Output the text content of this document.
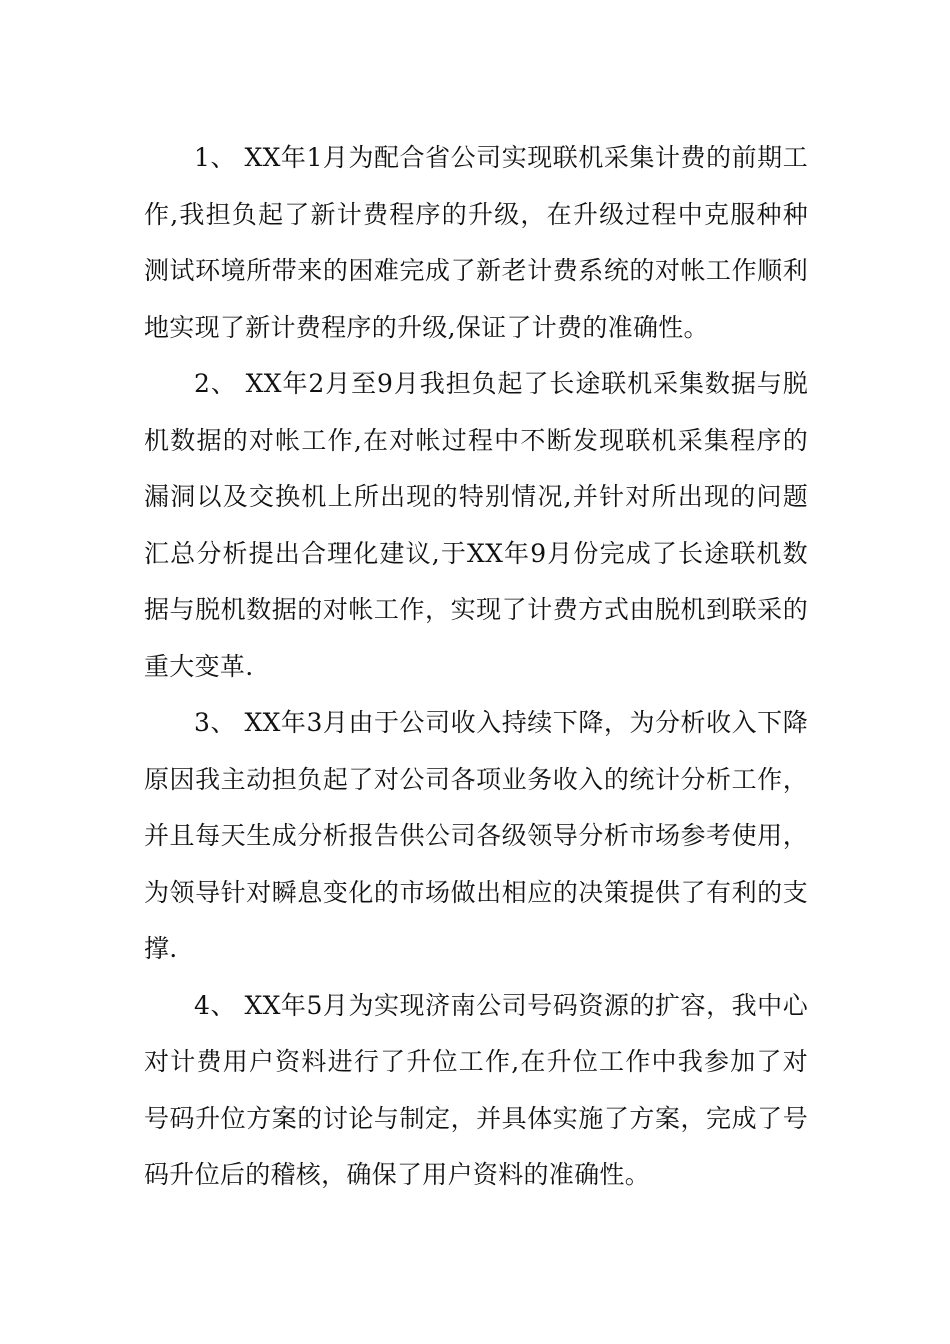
1、 XX年1月为配合省公司实现联机采集计费的前期工作,我担负起了新计费程序的升级，在升级过程中克服种种测试环境所带来的困难完成了新老计费系统的对帐工作顺利地实现了新计费程序的升级,保证了计费的准确性。

2、 XX年2月至9月我担负起了长途联机采集数据与脱机数据的对帐工作,在对帐过程中不断发现联机采集程序的漏洞以及交换机上所出现的特别情况,并针对所出现的问题汇总分析提出合理化建议,于XX年9月份完成了长途联机数据与脱机数据的对帐工作，实现了计费方式由脱机到联采的重大变革.

3、 XX年3月由于公司收入持续下降，为分析收入下降原因我主动担负起了对公司各项业务收入的统计分析工作，并且每天生成分析报告供公司各级领导分析市场参考使用，为领导针对瞬息变化的市场做出相应的决策提供了有利的支撑.

4、 XX年5月为实现济南公司号码资源的扩容，我中心对计费用户资料进行了升位工作,在升位工作中我参加了对号码升位方案的讨论与制定，并具体实施了方案，完成了号码升位后的稽核，确保了用户资料的准确性。
